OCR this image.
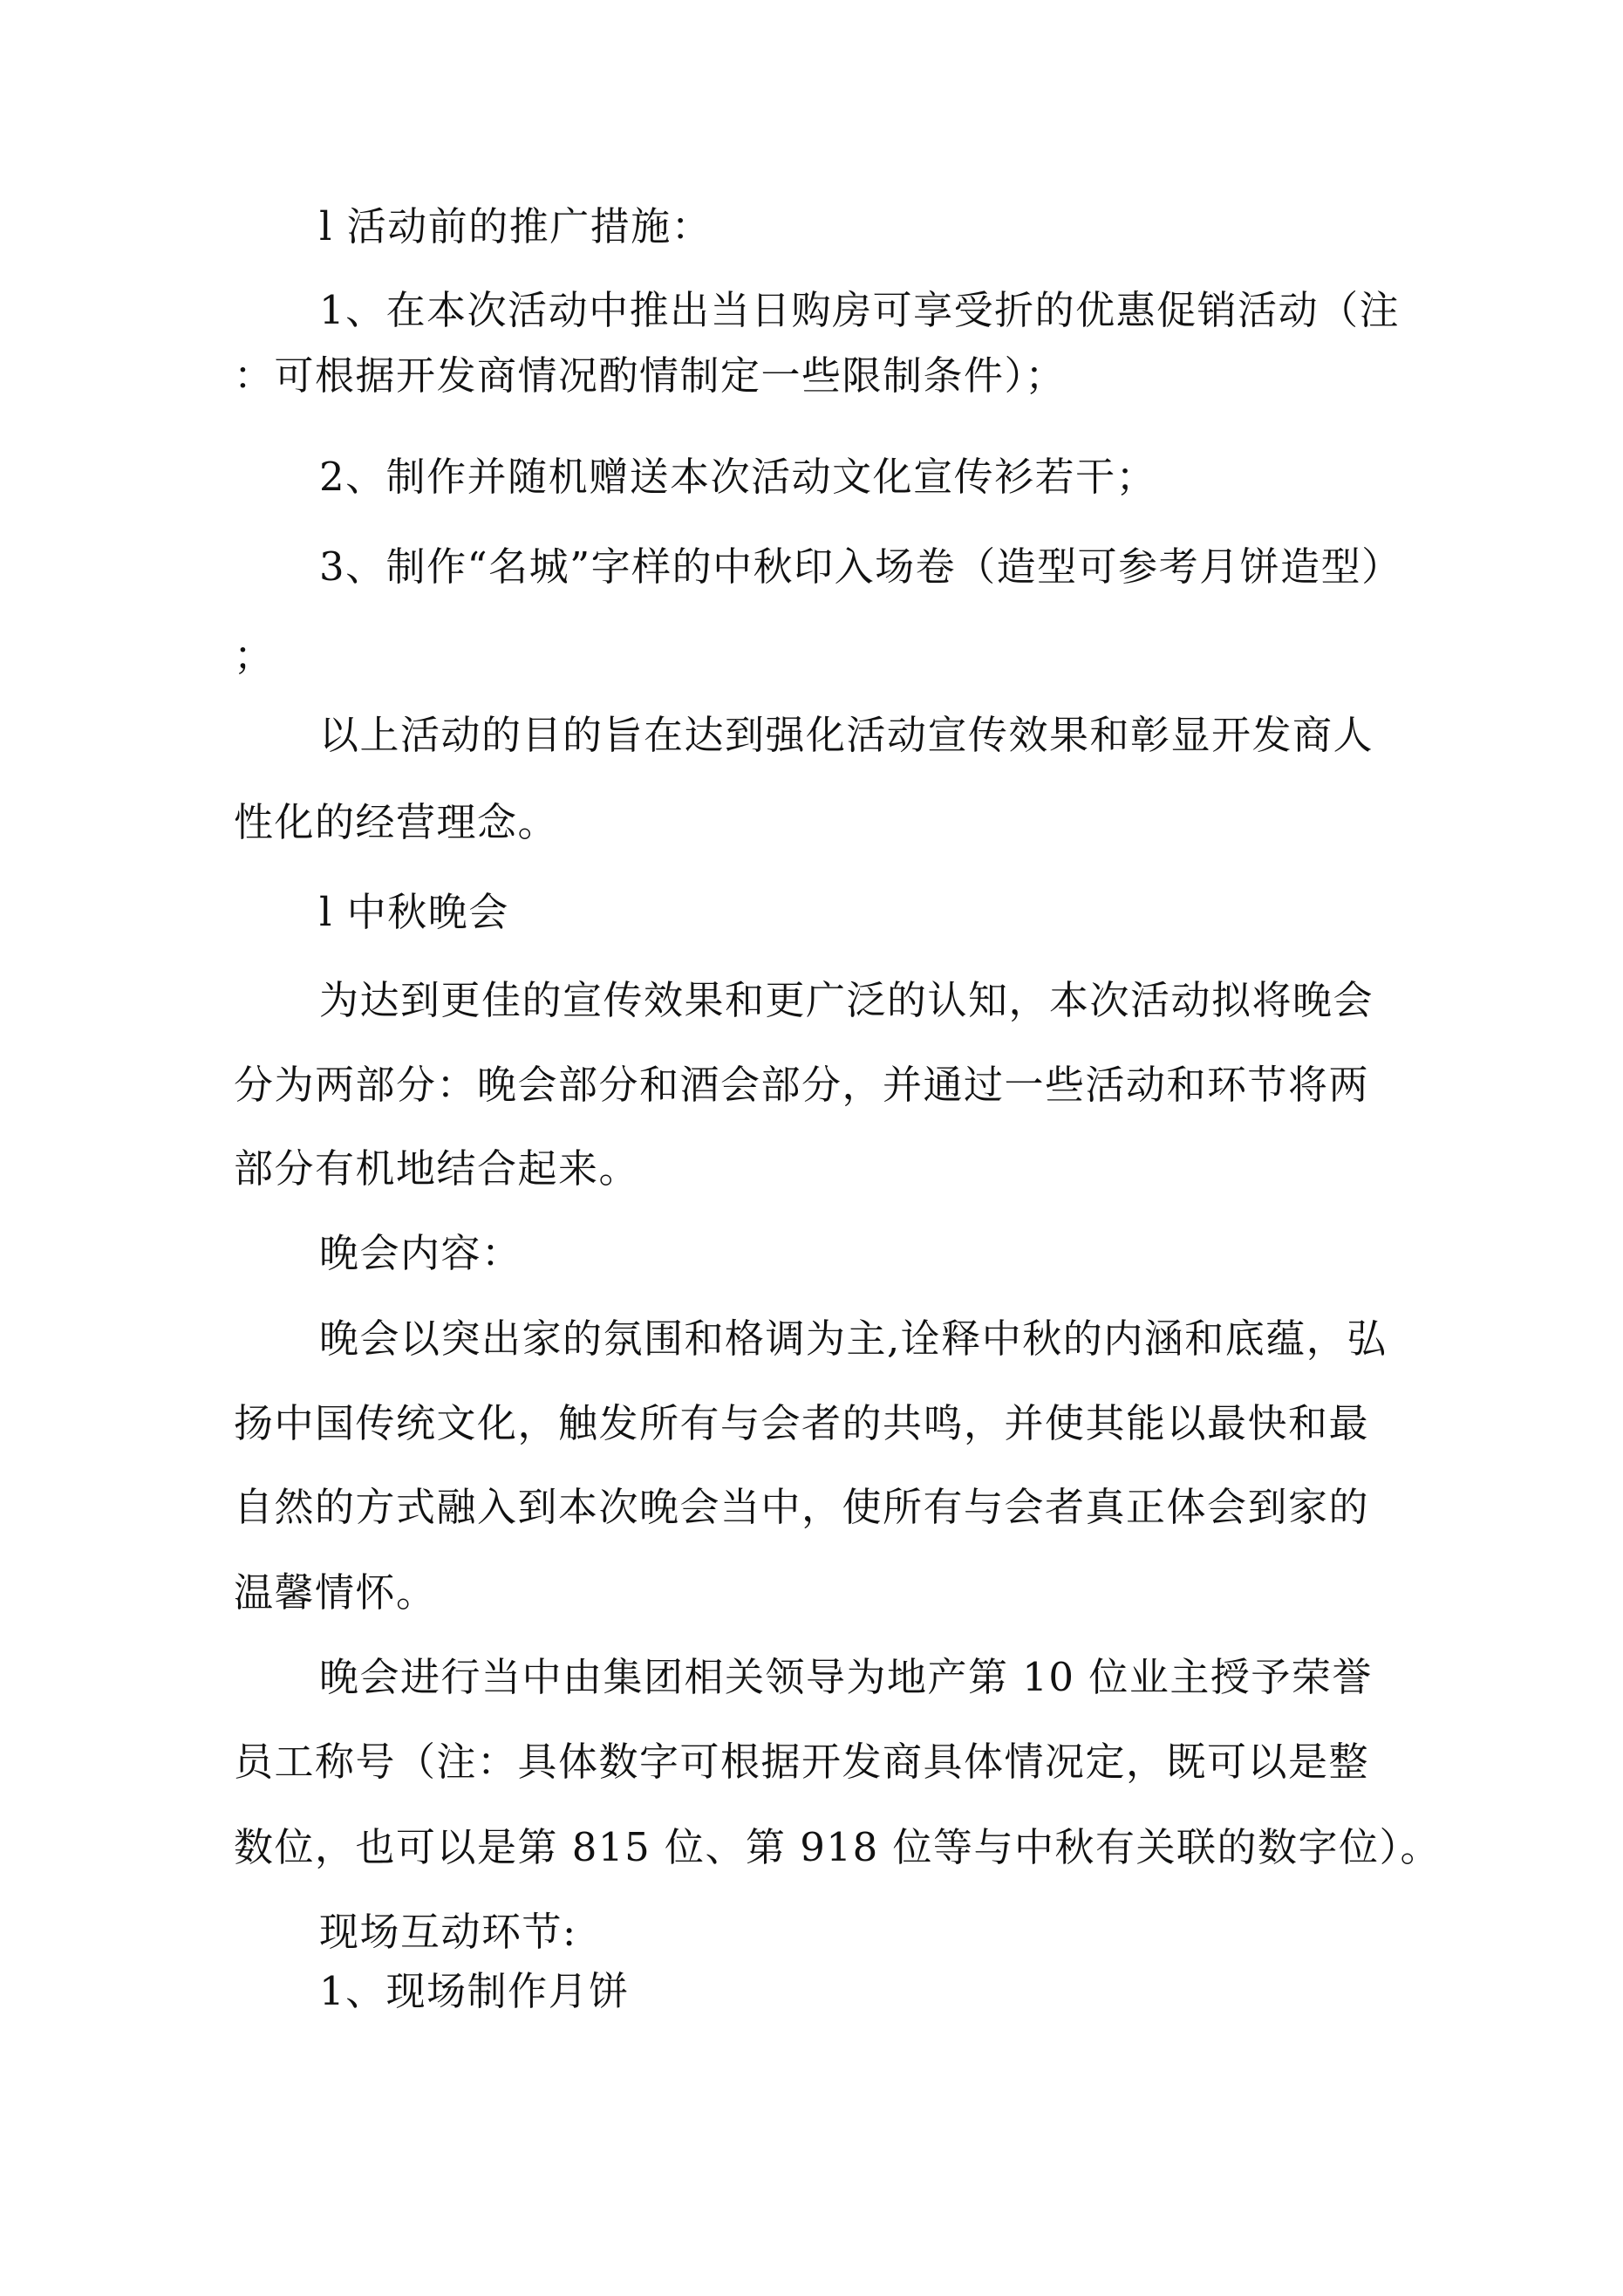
l 活动前的推广措施：
1、在本次活动中推出当日购房可享受折的优惠促销活动（注
：可根据开发商情况酌情制定一些限制条件）；
2、制作并随机赠送本次活动文化宣传衫若干；
3、制作“名城”字样的中秋印入场卷（造型可参考月饼造型）
；
以上活动的目的旨在达到强化活动宣传效果和彰显开发商人
性化的经营理念。
l 中秋晚会
为达到更佳的宣传效果和更广泛的认知，本次活动拟将晚会
分为两部分：晚会部分和酒会部分，并通过一些活动和环节将两
部分有机地结合起来。
晚会内容：
晚会以突出家的氛围和格调为主,诠释中秋的内涵和底蕴，弘
扬中国传统文化，触发所有与会者的共鸣，并使其能以最快和最
自然的方式融入到本次晚会当中，使所有与会者真正体会到家的
温馨情怀。
晚会进行当中由集团相关领导为地产第 10 位业主授予荣誉
员工称号（注：具体数字可根据开发商具体情况定，既可以是整
数位，也可以是第 815 位、第 918 位等与中秋有关联的数字位）。
现场互动环节:
1、现场制作月饼
